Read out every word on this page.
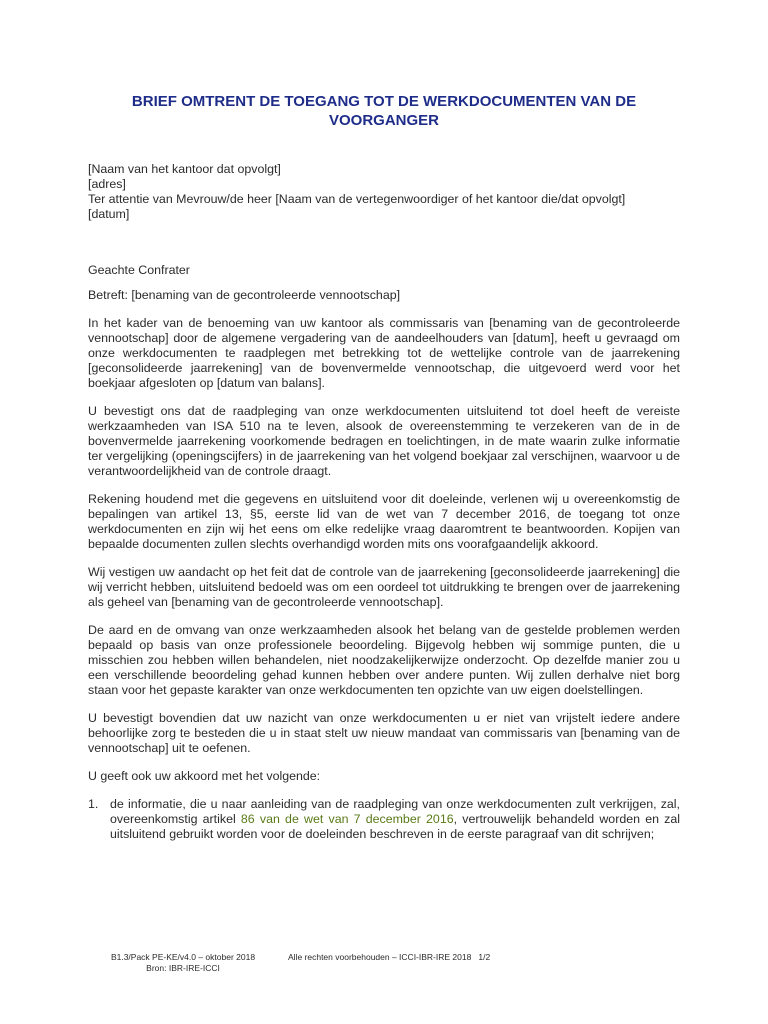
BRIEF OMTRENT DE TOEGANG TOT DE WERKDOCUMENTEN VAN DE VOORGANGER
[Naam van het kantoor dat opvolgt]
[adres]
Ter attentie van Mevrouw/de heer [Naam van de vertegenwoordiger of het kantoor die/dat opvolgt]
[datum]

Geachte Confrater

Betreft: [benaming van de gecontroleerde vennootschap]

In het kader van de benoeming van uw kantoor als commissaris van [benaming van de gecontroleerde vennootschap] door de algemene vergadering van de aandeelhouders van [datum], heeft u gevraagd om onze werkdocumenten te raadplegen met betrekking tot de wettelijke controle van de jaarrekening [geconsolideerde jaarrekening] van de bovenvermelde vennootschap, die uitgevoerd werd voor het boekjaar afgesloten op [datum van balans].

U bevestigt ons dat de raadpleging van onze werkdocumenten uitsluitend tot doel heeft de vereiste werkzaamheden van ISA 510 na te leven, alsook de overeenstemming te verzekeren van de in de bovenvermelde jaarrekening voorkomende bedragen en toelichtingen, in de mate waarin zulke informatie ter vergelijking (openingscijfers) in de jaarrekening van het volgend boekjaar zal verschijnen, waarvoor u de verantwoordelijkheid van de controle draagt.

Rekening houdend met die gegevens en uitsluitend voor dit doeleinde, verlenen wij u overeenkomstig de bepalingen van artikel 13, §5, eerste lid van de wet van 7 december 2016, de toegang tot onze werkdocumenten en zijn wij het eens om elke redelijke vraag daaromtrent te beantwoorden. Kopijen van bepaalde documenten zullen slechts overhandigd worden mits ons voorafgaandelijk akkoord.

Wij vestigen uw aandacht op het feit dat de controle van de jaarrekening [geconsolideerde jaarrekening] die wij verricht hebben, uitsluitend bedoeld was om een oordeel tot uitdrukking te brengen over de jaarrekening als geheel van [benaming van de gecontroleerde vennootschap].

De aard en de omvang van onze werkzaamheden alsook het belang van de gestelde problemen werden bepaald op basis van onze professionele beoordeling. Bijgevolg hebben wij sommige punten, die u misschien zou hebben willen behandelen, niet noodzakelijkerwijze onderzocht. Op dezelfde manier zou u een verschillende beoordeling gehad kunnen hebben over andere punten. Wij zullen derhalve niet borg staan voor het gepaste karakter van onze werkdocumenten ten opzichte van uw eigen doelstellingen.

U bevestigt bovendien dat uw nazicht van onze werkdocumenten u er niet van vrijstelt iedere andere behoorlijke zorg te besteden die u in staat stelt uw nieuw mandaat van commissaris van [benaming van de vennootschap] uit te oefenen.

U geeft ook uw akkoord met het volgende:

1. de informatie, die u naar aanleiding van de raadpleging van onze werkdocumenten zult verkrijgen, zal, overeenkomstig artikel 86 van de wet van 7 december 2016, vertrouwelijk behandeld worden en zal uitsluitend gebruikt worden voor de doeleinden beschreven in de eerste paragraaf van dit schrijven;
B1.3/Pack PE-KE/v4.0 – oktober 2018
Bron: IBR-IRE-ICCI
Alle rechten voorbehouden – ICCI-IBR-IRE 2018 1/2
